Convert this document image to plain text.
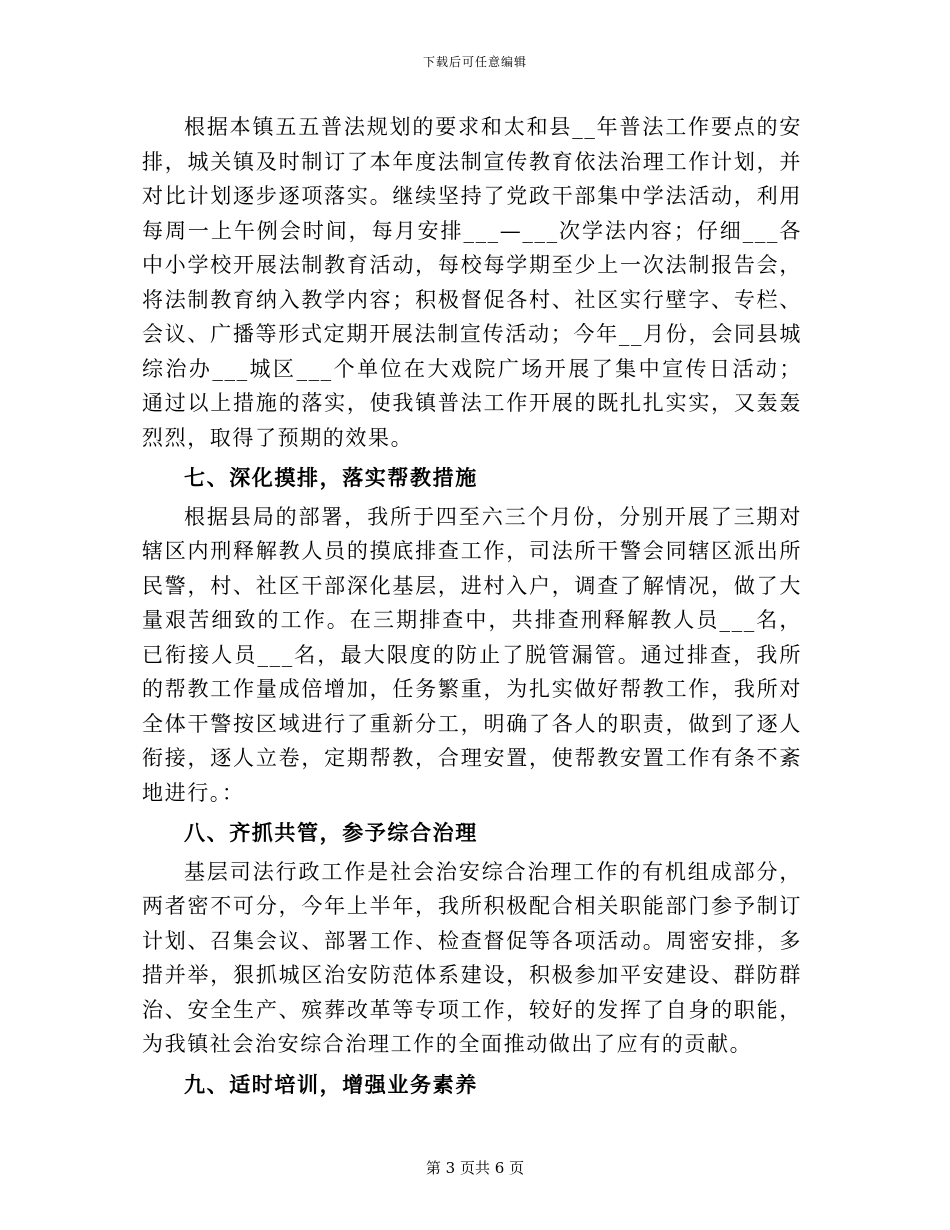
下载后可任意编辑

根据本镇五五普法规划的要求和太和县__年普法工作要点的安排，城关镇及时制订了本年度法制宣传教育依法治理工作计划，并对比计划逐步逐项落实。继续坚持了党政干部集中学法活动，利用每周一上午例会时间，每月安排___—___次学法内容；仔细___各中小学校开展法制教育活动，每校每学期至少上一次法制报告会，将法制教育纳入教学内容；积极督促各村、社区实行壁字、专栏、会议、广播等形式定期开展法制宣传活动；今年__月份，会同县城综治办___城区___个单位在大戏院广场开展了集中宣传日活动；通过以上措施的落实，使我镇普法工作开展的既扎扎实实，又轰轰烈烈，取得了预期的效果。

七、深化摸排，落实帮教措施

根据县局的部署，我所于四至六三个月份，分别开展了三期对辖区内刑释解教人员的摸底排查工作，司法所干警会同辖区派出所民警，村、社区干部深化基层，进村入户，调查了解情况，做了大量艰苦细致的工作。在三期排查中，共排查刑释解教人员___名，已衔接人员___名，最大限度的防止了脱管漏管。通过排查，我所的帮教工作量成倍增加，任务繁重，为扎实做好帮教工作，我所对全体干警按区域进行了重新分工，明确了各人的职责，做到了逐人衔接，逐人立卷，定期帮教，合理安置，使帮教安置工作有条不紊地进行。：

八、齐抓共管，参予综合治理

基层司法行政工作是社会治安综合治理工作的有机组成部分，两者密不可分，今年上半年，我所积极配合相关职能部门参予制订计划、召集会议、部署工作、检查督促等各项活动。周密安排，多措并举，狠抓城区治安防范体系建设，积极参加平安建设、群防群治、安全生产、殡葬改革等专项工作，较好的发挥了自身的职能，为我镇社会治安综合治理工作的全面推动做出了应有的贡献。

九、适时培训，增强业务素养

第 3 页共 6 页
